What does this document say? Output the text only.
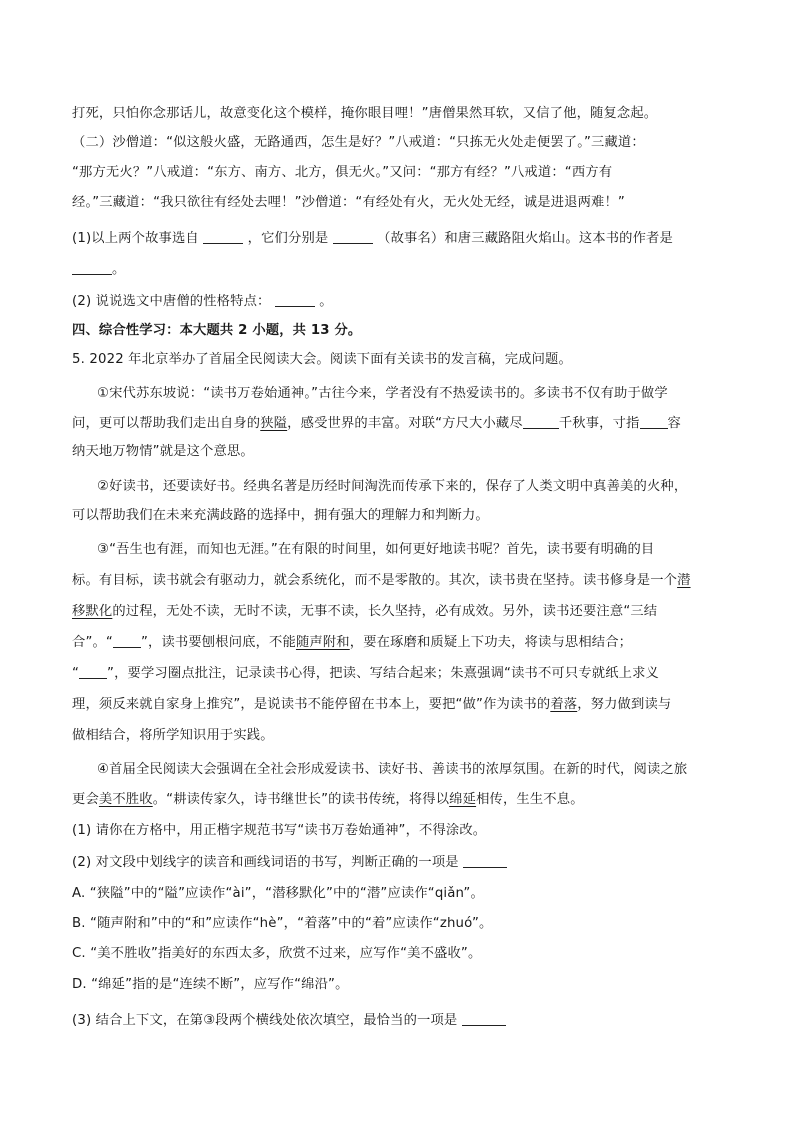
打死，只怕你念那话儿，故意变化这个模样，掩你眼目哩！”唐僧果然耳软，又信了他，随复念起。
（二）沙僧道：“似这般火盛，无路通西，怎生是好？”八戒道：“只拣无火处走便罢了。”三藏道：
“那方无火？”八戒道：“东方、南方、北方，俱无火。”又问：“那方有经？”八戒道：“西方有
经。”三藏道：“我只欲往有经处去哩！”沙僧道：“有经处有火，无火处无经，诚是进退两难！”
(1)以上两个故事选自	，它们分别是	（故事名）和唐三藏路阻火焰山。这本书的作者是
。
(2) 说说选文中唐僧的性格特点：	。
四、综合性学习：本大题共 2 小题，共 13 分。
5. 2022 年北京举办了首届全民阅读大会。阅读下面有关读书的发言稿，完成问题。
①宋代苏东坡说：“读书万卷始通神。”古往今来，学者没有不热爱读书的。多读书不仅有助于做学
问，更可以帮助我们走出自身的狭隘，感受世界的丰富。对联“方尺大小藏尽	千秋事，寸指 容
纳天地万物情”就是这个意思。
②好读书，还要读好书。经典名著是历经时间淘洗而传承下来的，保存了人类文明中真善美的火种，
可以帮助我们在未来充满歧路的选择中，拥有强大的理解力和判断力。
③“吾生也有涯，而知也无涯。”在有限的时间里，如何更好地读书呢？首先，读书要有明确的目
标。有目标，读书就会有驱动力，就会系统化，而不是零散的。其次，读书贵在坚持。读书修身是一个潜
移默化的过程，无处不读，无时不读，无事不读，长久坚持，必有成效。另外，读书还要注意“三结
合”。“ ”，读书要刨根问底，不能随声附和，要在琢磨和质疑上下功夫，将读与思相结合；
“ ”，要学习圈点批注，记录读书心得，把读、写结合起来；朱熹强调“读书不可只专就纸上求义
理，须反来就自家身上推究”，是说读书不能停留在书本上，要把“做”作为读书的着落，努力做到读与
做相结合，将所学知识用于实践。
④首届全民阅读大会强调在全社会形成爱读书、读好书、善读书的浓厚氛围。在新的时代，阅读之旅
更会美不胜收。“耕读传家久，诗书继世长”的读书传统，将得以绵延相传，生生不息。
(1) 请你在方格中，用正楷字规范书写“读书万卷始通神”，不得涂改。
(2) 对文段中划线字的读音和画线词语的书写，判断正确的一项是
A. “狭隘”中的“隘”应读作“ài”，“潜移默化”中的“潜”应读作“qiǎn”。
B. “随声附和”中的“和”应读作“hè”，“着落”中的“着”应读作“zhuó”。
C. “美不胜收”指美好的东西太多，欣赏不过来，应写作“美不盛收”。
D. “绵延”指的是“连续不断”，应写作“绵沿”。
(3) 结合上下文，在第③段两个横线处依次填空，最恰当的一项是
